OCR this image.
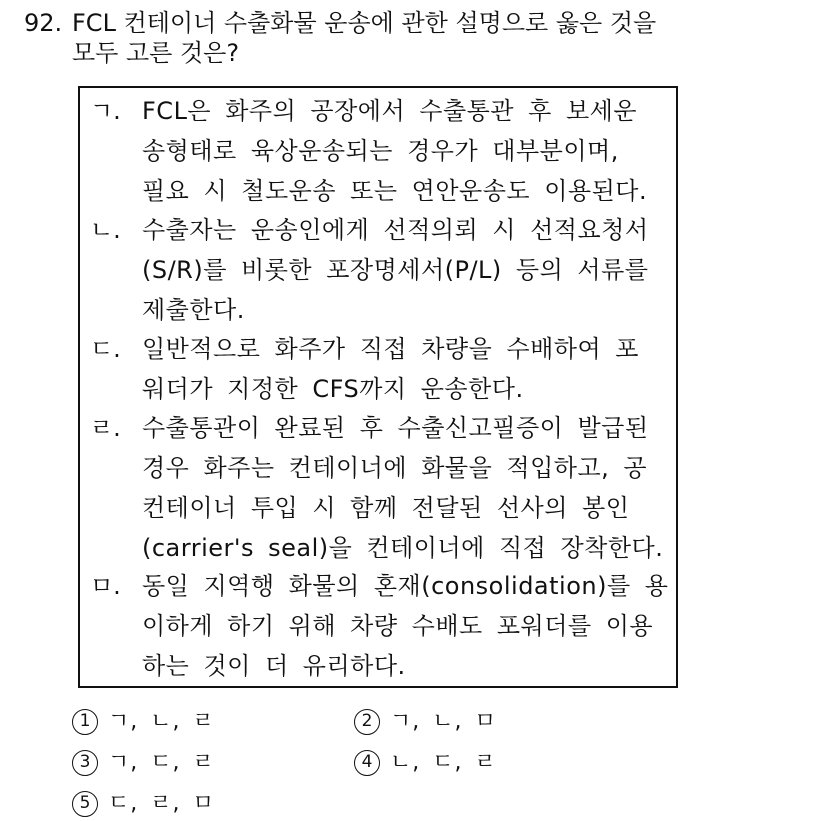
92. FCL 컨테이너 수출화물 운송에 관한 설명으로 옳은 것을
모두 고른 것은?
ㄱ. FCL은 화주의 공장에서 수출통관 후 보세운
송형태로 육상운송되는 경우가 대부분이며,
필요 시 철도운송 또는 연안운송도 이용된다.
ㄴ. 수출자는 운송인에게 선적의뢰 시 선적요청서
(S/R)를 비롯한 포장명세서(P/L) 등의 서류를
제출한다.
ㄷ. 일반적으로 화주가 직접 차량을 수배하여 포
워더가 지정한 CFS까지 운송한다.
ㄹ. 수출통관이 완료된 후 수출신고필증이 발급된
경우 화주는 컨테이너에 화물을 적입하고, 공
컨테이너 투입 시 함께 전달된 선사의 봉인
(carrier's seal)을 컨테이너에 직접 장착한다.
ㅁ. 동일 지역행 화물의 혼재(consolidation)를 용
이하게 하기 위해 차량 수배도 포워더를 이용
하는 것이 더 유리하다.
1 ㄱ, ㄴ, ㄹ	2 ㄱ, ㄴ, ㅁ
3 ㄱ, ㄷ, ㄹ	4 ㄴ, ㄷ, ㄹ
5 ㄷ, ㄹ, ㅁ
